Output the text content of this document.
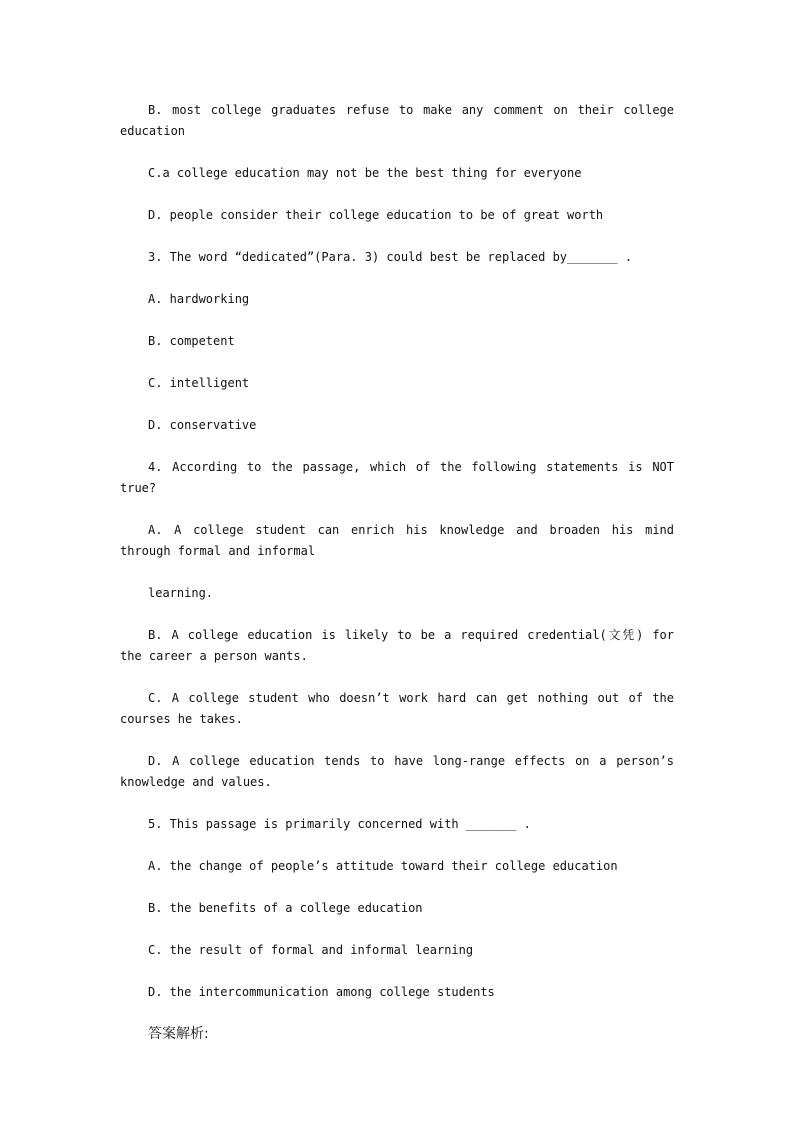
B. most college graduates refuse to make any comment on their college education

C.a college education may not be the best thing for everyone

D. people consider their college education to be of great worth

3. The word “dedicated”(Para. 3) could best be replaced by_______ .

A. hardworking

B. competent

C. intelligent

D. conservative

4. According to the passage, which of the following statements is NOT true?

A. A college student can enrich his knowledge and broaden his mind through formal and informal

learning.

B. A college education is likely to be a required credential(文凭) for the career a person wants.

C. A college student who doesn’t work hard can get nothing out of the courses he takes.

D. A college education tends to have long-range effects on a person’s knowledge and values.

5. This passage is primarily concerned with _______ .

A. the change of people’s attitude toward their college education

B. the benefits of a college education

C. the result of formal and informal learning

D. the intercommunication among college students

答案解析:
